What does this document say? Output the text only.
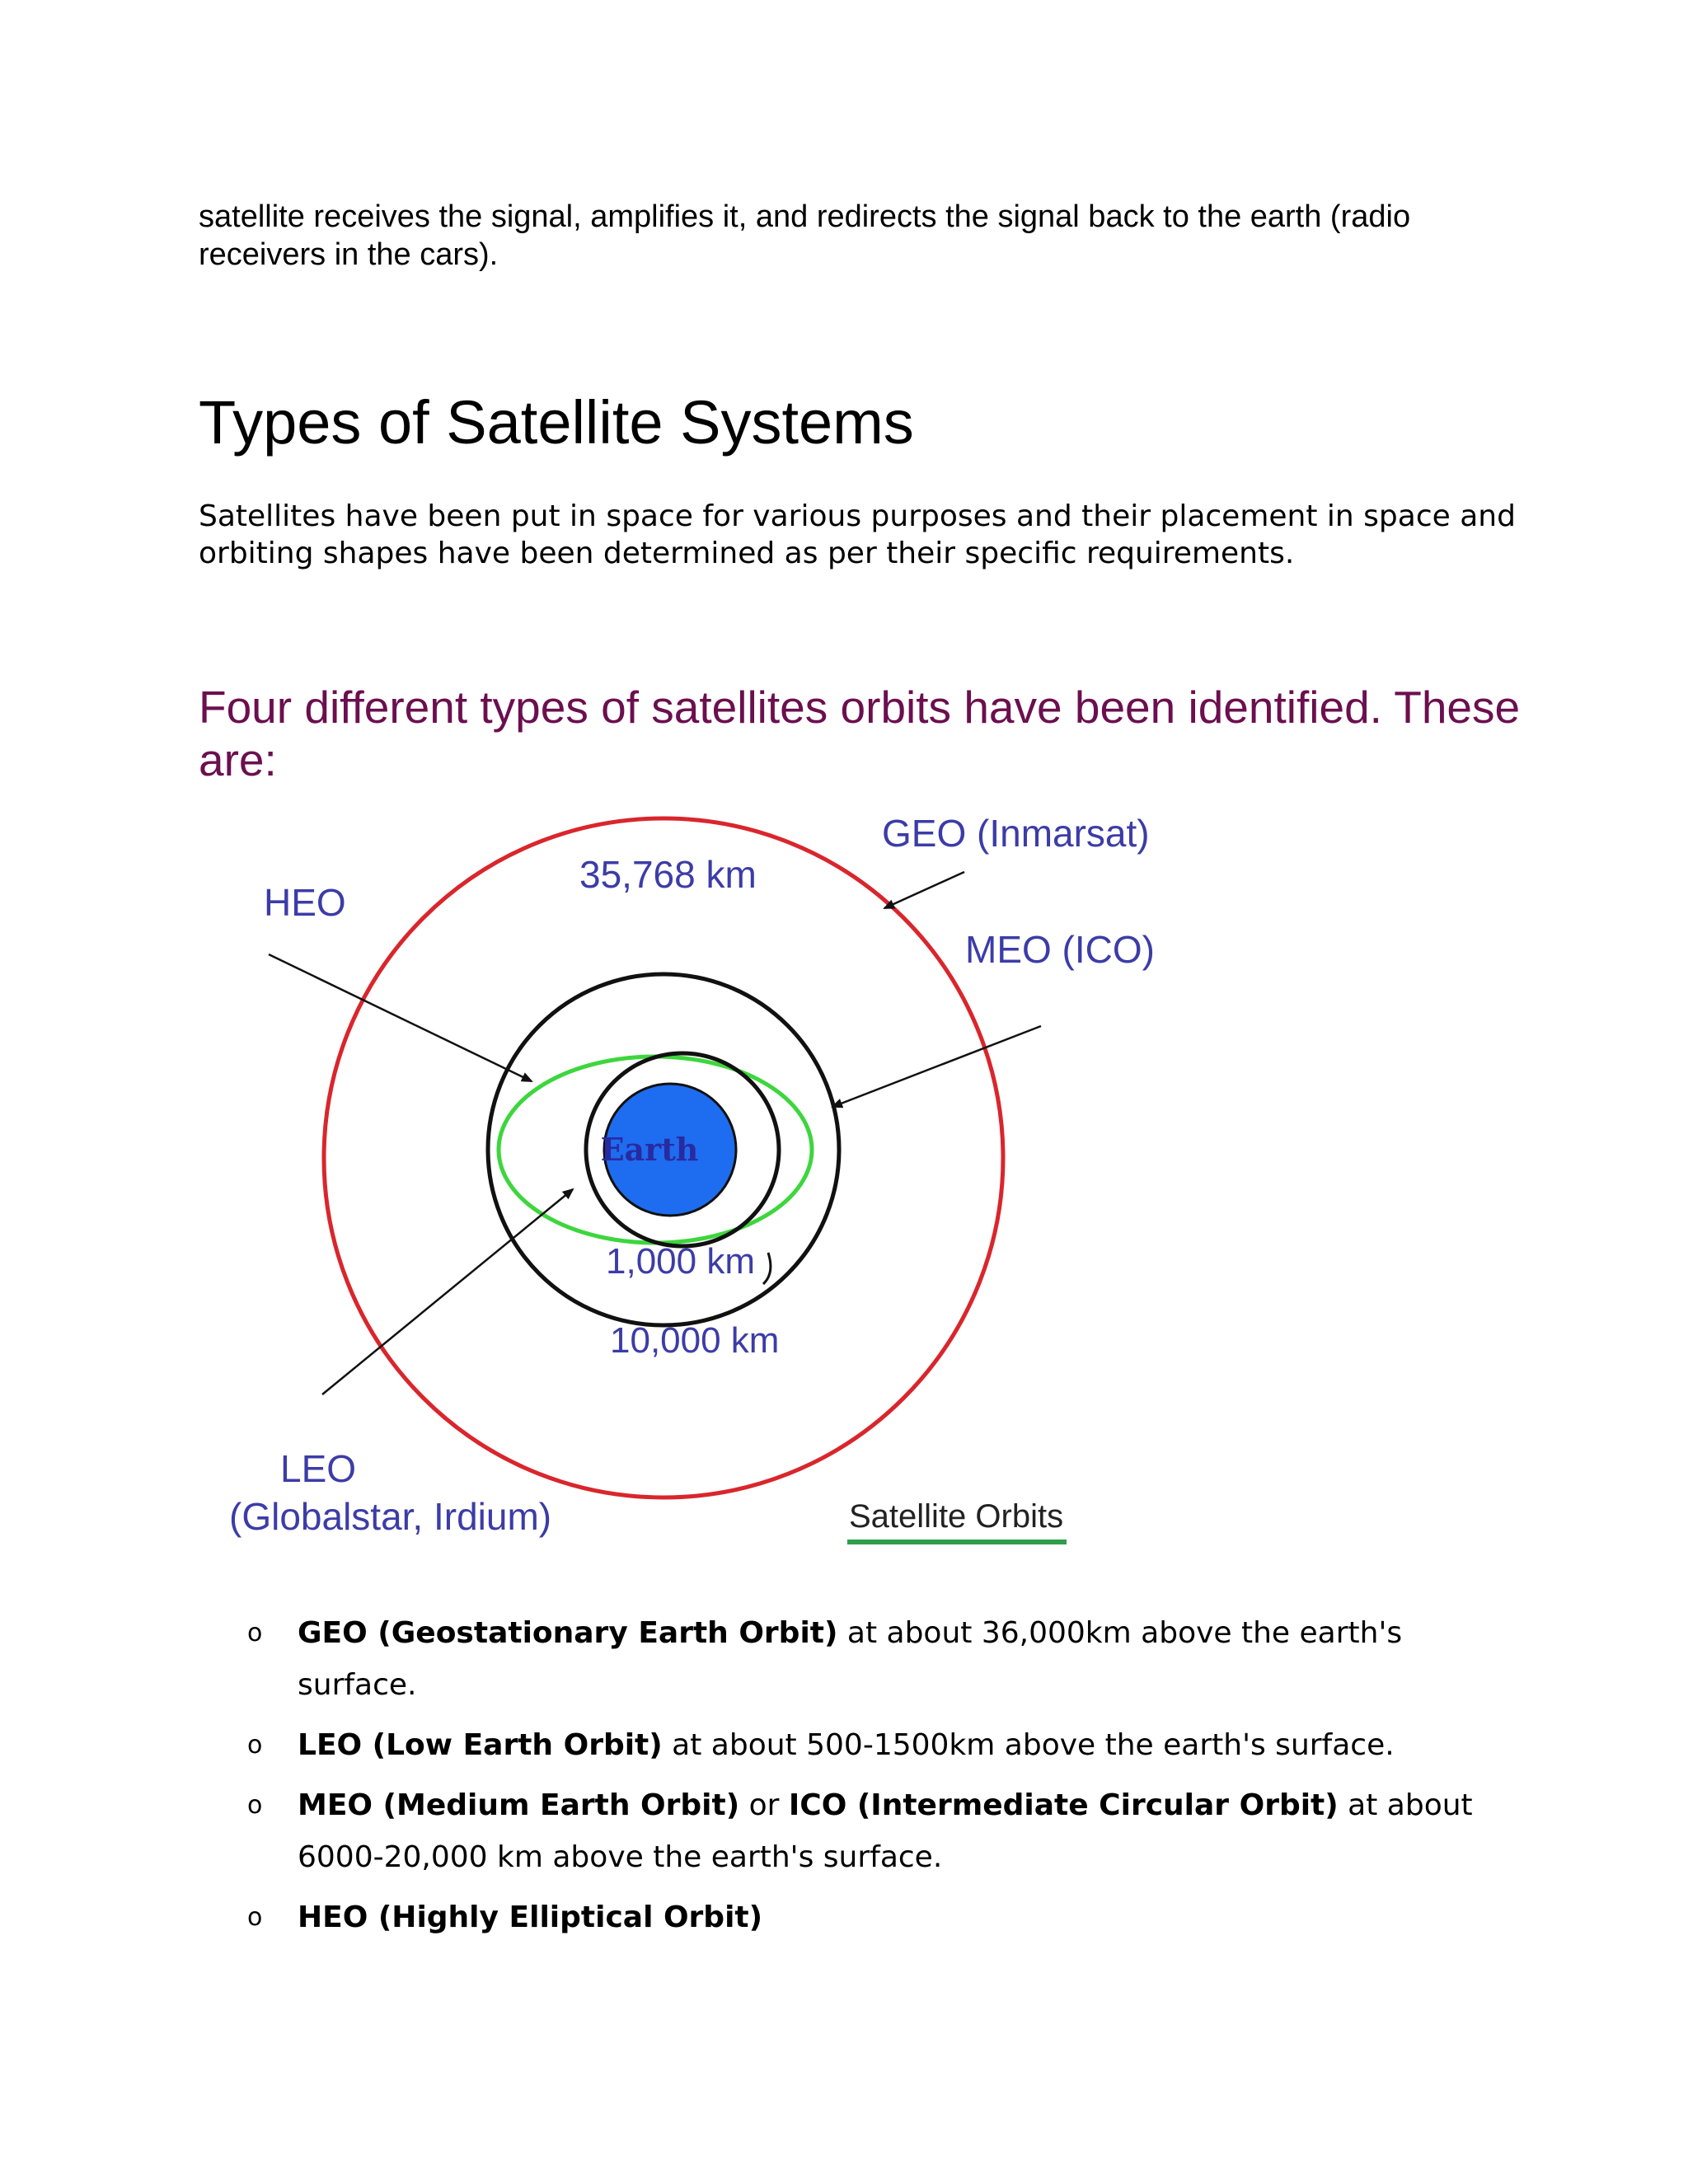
satellite receives the signal, amplifies it, and redirects the signal back to the earth (radio receivers in the cars).

Types of Satellite Systems

Satellites have been put in space for various purposes and their placement in space and orbiting shapes have been determined as per their specific requirements.

Four different types of satellites orbits have been identified. These are:
Earth
GEO (Inmarsat)
35,768 km
HEO
MEO (ICO)
1,000 km
10,000 km
LEO
(Globalstar, Irdium)	Satellite Orbits
o GEO (Geostationary Earth Orbit) at about 36,000km above the earth's surface.
o LEO (Low Earth Orbit) at about 500-1500km above the earth's surface.
o MEO (Medium Earth Orbit) or ICO (Intermediate Circular Orbit) at about 6000-20,000 km above the earth's surface.
o HEO (Highly Elliptical Orbit)
